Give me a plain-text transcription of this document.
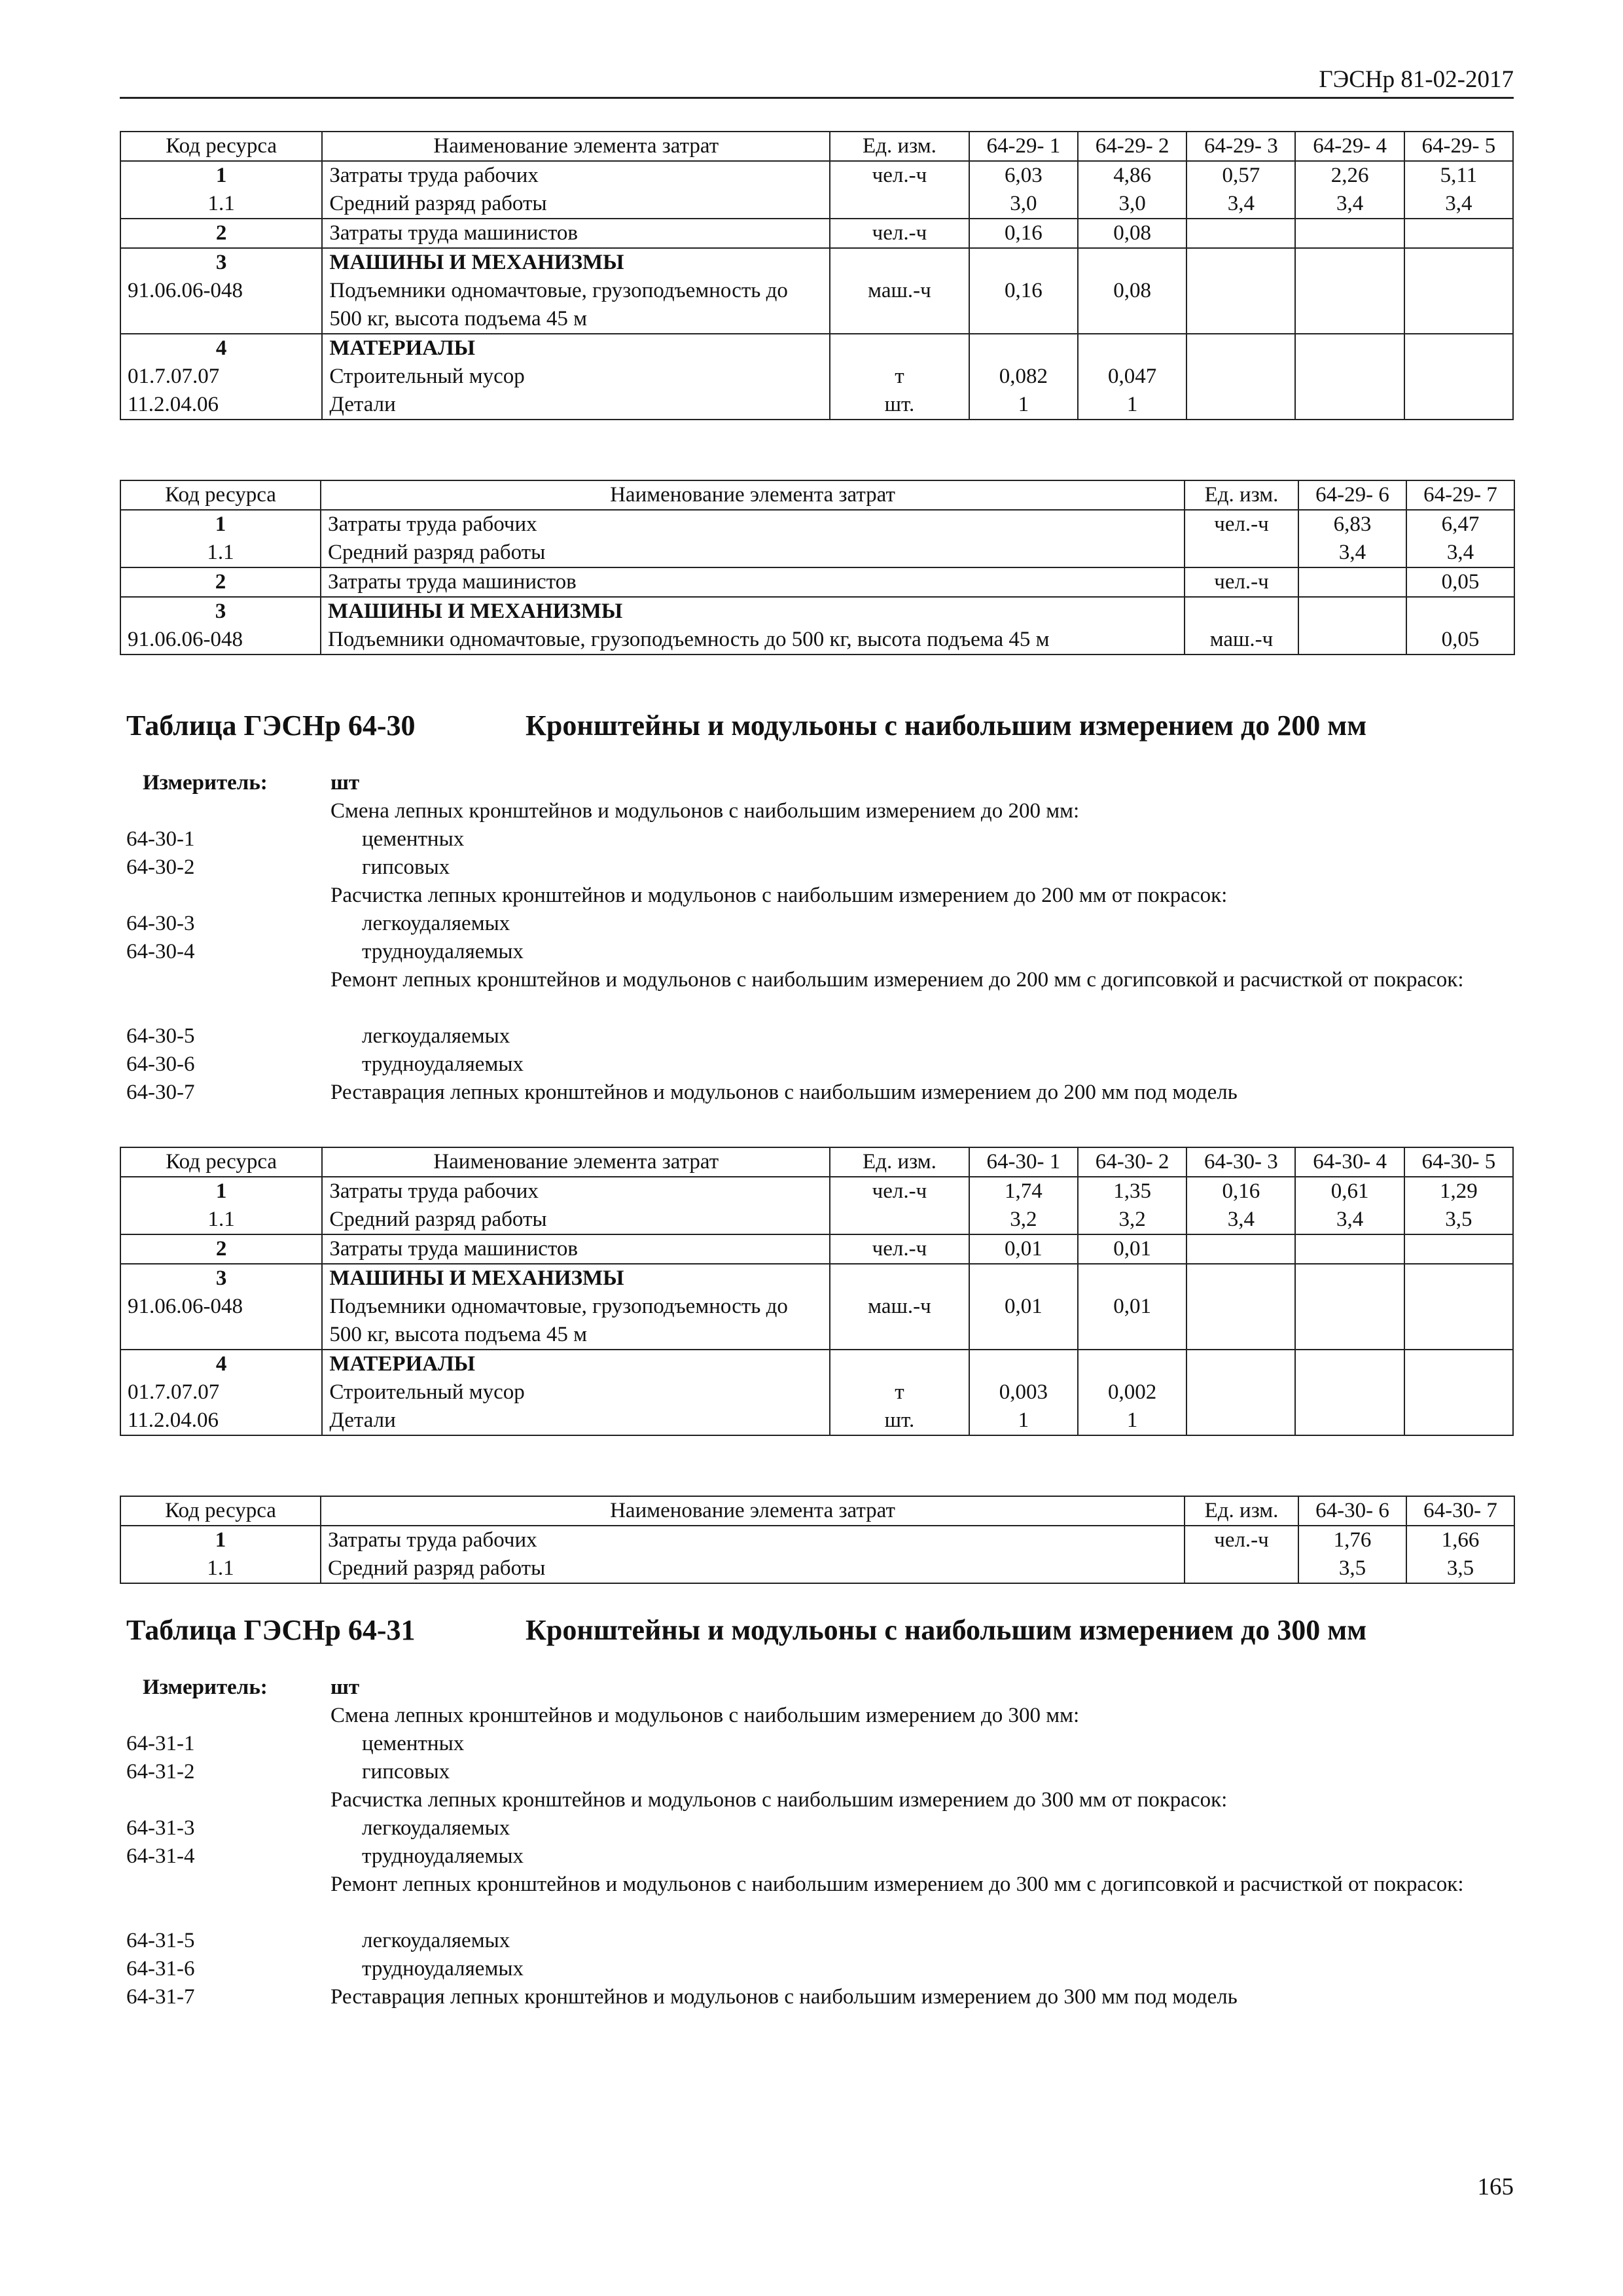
ГЭСНр 81-02-2017
Код ресурса	Наименование элемента затрат	Ед. изм.	64-29- 1	64-29- 2	64-29- 3	64-29- 4	64-29- 5
1	Затраты труда рабочих	чел.-ч	6,03	4,86	0,57	2,26	5,11
1.1	Средний разряд работы		3,0	3,0	3,4	3,4	3,4
2	Затраты труда машинистов	чел.-ч	0,16	0,08			
3	МАШИНЫ И МЕХАНИЗМЫ						
91.06.06-048	Подъемники одномачтовые, грузоподъемность до 500 кг, высота подъема 45 м	маш.-ч	0,16	0,08			
4	МАТЕРИАЛЫ						
01.7.07.07	Строительный мусор	т	0,082	0,047			
11.2.04.06	Детали	шт.	1	1			
Код ресурса	Наименование элемента затрат	Ед. изм.	64-29- 6	64-29- 7
1	Затраты труда рабочих	чел.-ч	6,83	6,47
1.1	Средний разряд работы		3,4	3,4
2	Затраты труда машинистов	чел.-ч		0,05
3	МАШИНЫ И МЕХАНИЗМЫ			
91.06.06-048	Подъемники одномачтовые, грузоподъемность до 500 кг, высота подъема 45 м	маш.-ч		0,05
Таблица ГЭСНр 64-30	Кронштейны и модульоны с наибольшим измерением до 200 мм
Измеритель:	шт
Смена лепных кронштейнов и модульонов с наибольшим измерением до 200 мм:
64-30-1	цементных
64-30-2	гипсовых
Расчистка лепных кронштейнов и модульонов с наибольшим измерением до 200 мм от покрасок:
64-30-3	легкоудаляемых
64-30-4	трудноудаляемых
Ремонт лепных кронштейнов и модульонов с наибольшим измерением до 200 мм с догипсовкой и расчисткой от покрасок:
64-30-5	легкоудаляемых
64-30-6	трудноудаляемых
64-30-7	Реставрация лепных кронштейнов и модульонов с наибольшим измерением до 200 мм под модель
Код ресурса	Наименование элемента затрат	Ед. изм.	64-30- 1	64-30- 2	64-30- 3	64-30- 4	64-30- 5
1	Затраты труда рабочих	чел.-ч	1,74	1,35	0,16	0,61	1,29
1.1	Средний разряд работы		3,2	3,2	3,4	3,4	3,5
2	Затраты труда машинистов	чел.-ч	0,01	0,01			
3	МАШИНЫ И МЕХАНИЗМЫ						
91.06.06-048	Подъемники одномачтовые, грузоподъемность до 500 кг, высота подъема 45 м	маш.-ч	0,01	0,01			
4	МАТЕРИАЛЫ						
01.7.07.07	Строительный мусор	т	0,003	0,002			
11.2.04.06	Детали	шт.	1	1			
Код ресурса	Наименование элемента затрат	Ед. изм.	64-30- 6	64-30- 7
1	Затраты труда рабочих	чел.-ч	1,76	1,66
1.1	Средний разряд работы		3,5	3,5
Таблица ГЭСНр 64-31	Кронштейны и модульоны с наибольшим измерением до 300 мм
Измеритель:	шт
Смена лепных кронштейнов и модульонов с наибольшим измерением до 300 мм:
64-31-1	цементных
64-31-2	гипсовых
Расчистка лепных кронштейнов и модульонов с наибольшим измерением до 300 мм от покрасок:
64-31-3	легкоудаляемых
64-31-4	трудноудаляемых
Ремонт лепных кронштейнов и модульонов с наибольшим измерением до 300 мм с догипсовкой и расчисткой от покрасок:
64-31-5	легкоудаляемых
64-31-6	трудноудаляемых
64-31-7	Реставрация лепных кронштейнов и модульонов с наибольшим измерением до 300 мм под модель
165
